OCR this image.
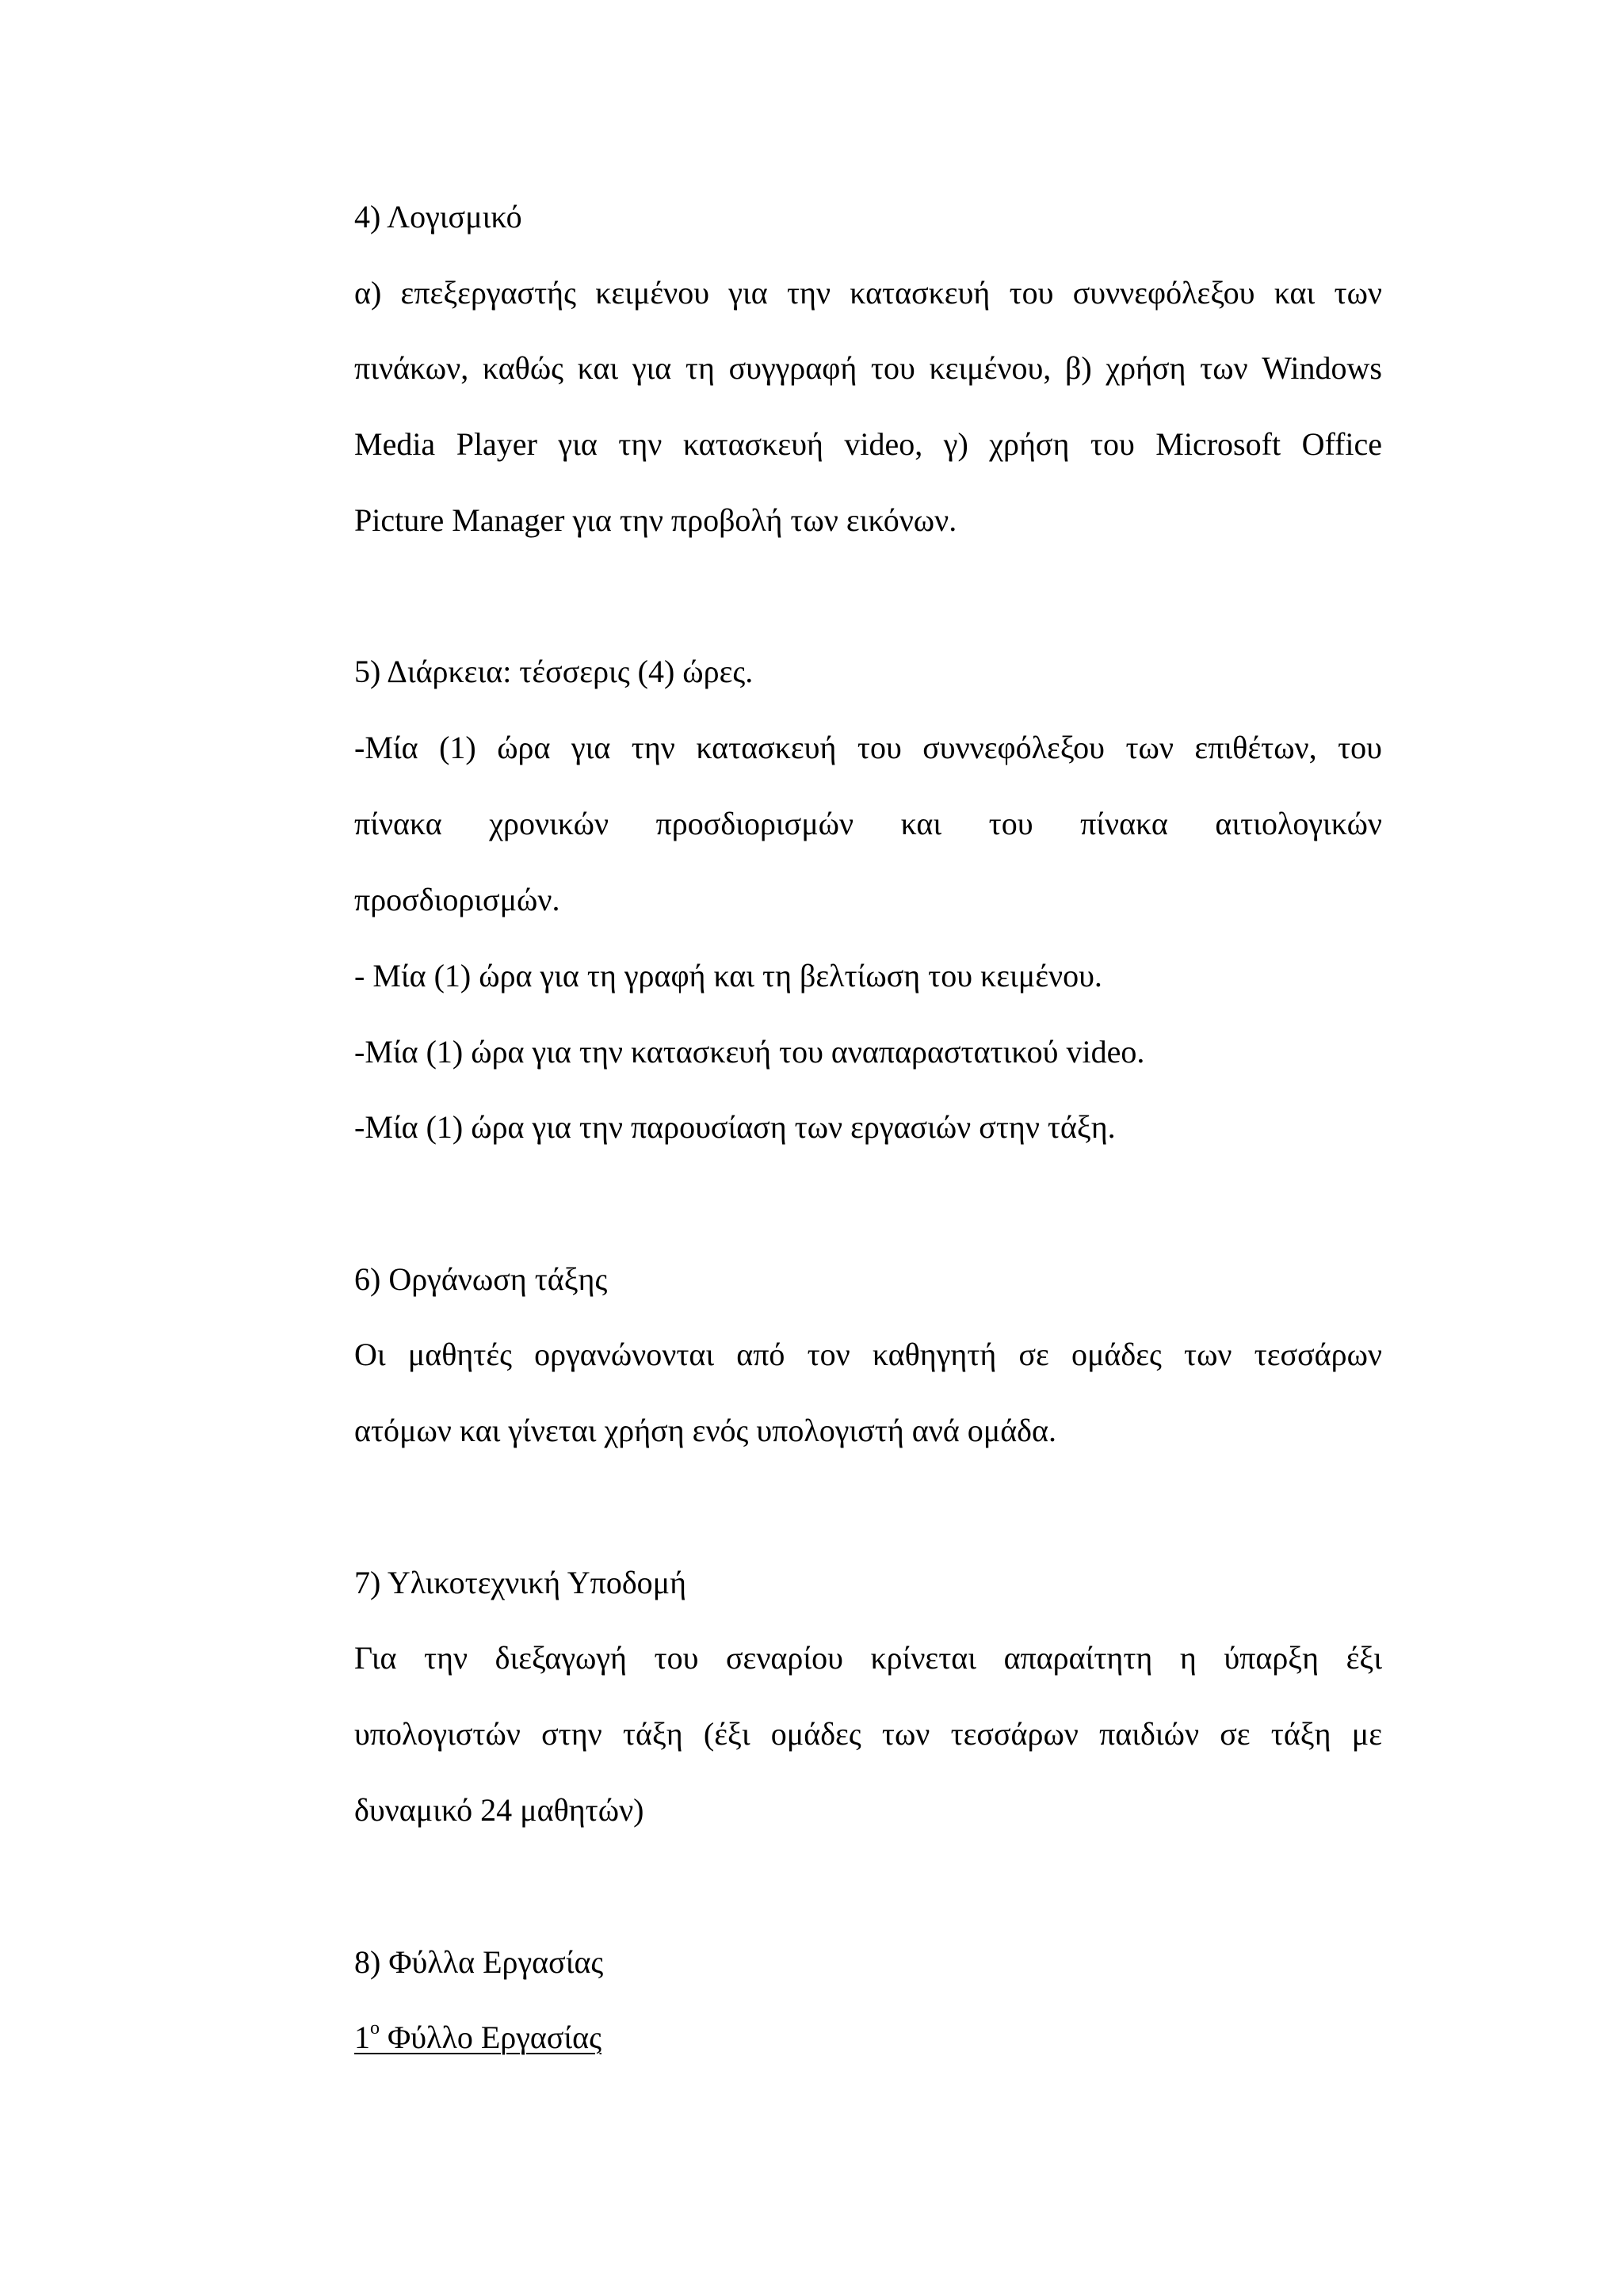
4) Λογισμικό
α) επεξεργαστής κειμένου για την κατασκευή του συννεφόλεξου και των
πινάκων, καθώς και για τη συγγραφή του κειμένου, β) χρήση των Windows
Media Player για την κατασκευή video, γ) χρήση του Microsoft Office
Picture Manager για την προβολή των εικόνων.
5) Διάρκεια: τέσσερις (4) ώρες.
-Μία (1) ώρα για την κατασκευή του συννεφόλεξου των επιθέτων, του
πίνακα χρονικών προσδιορισμών και του πίνακα αιτιολογικών
προσδιορισμών.
- Μία (1) ώρα για τη γραφή και τη βελτίωση του κειμένου.
-Μία (1) ώρα για την κατασκευή του αναπαραστατικού video.
-Μία (1) ώρα για την παρουσίαση των εργασιών στην τάξη.
6) Οργάνωση τάξης
Οι μαθητές οργανώνονται από τον καθηγητή σε ομάδες των τεσσάρων
ατόμων και γίνεται χρήση ενός υπολογιστή ανά ομάδα.
7) Υλικοτεχνική Υποδομή
Για την διεξαγωγή του σεναρίου κρίνεται απαραίτητη η ύπαρξη έξι
υπολογιστών στην τάξη (έξι ομάδες των τεσσάρων παιδιών σε τάξη με
δυναμικό 24 μαθητών)
8) Φύλλα Εργασίας
$1^o$ Φύλλο Εργασίας
